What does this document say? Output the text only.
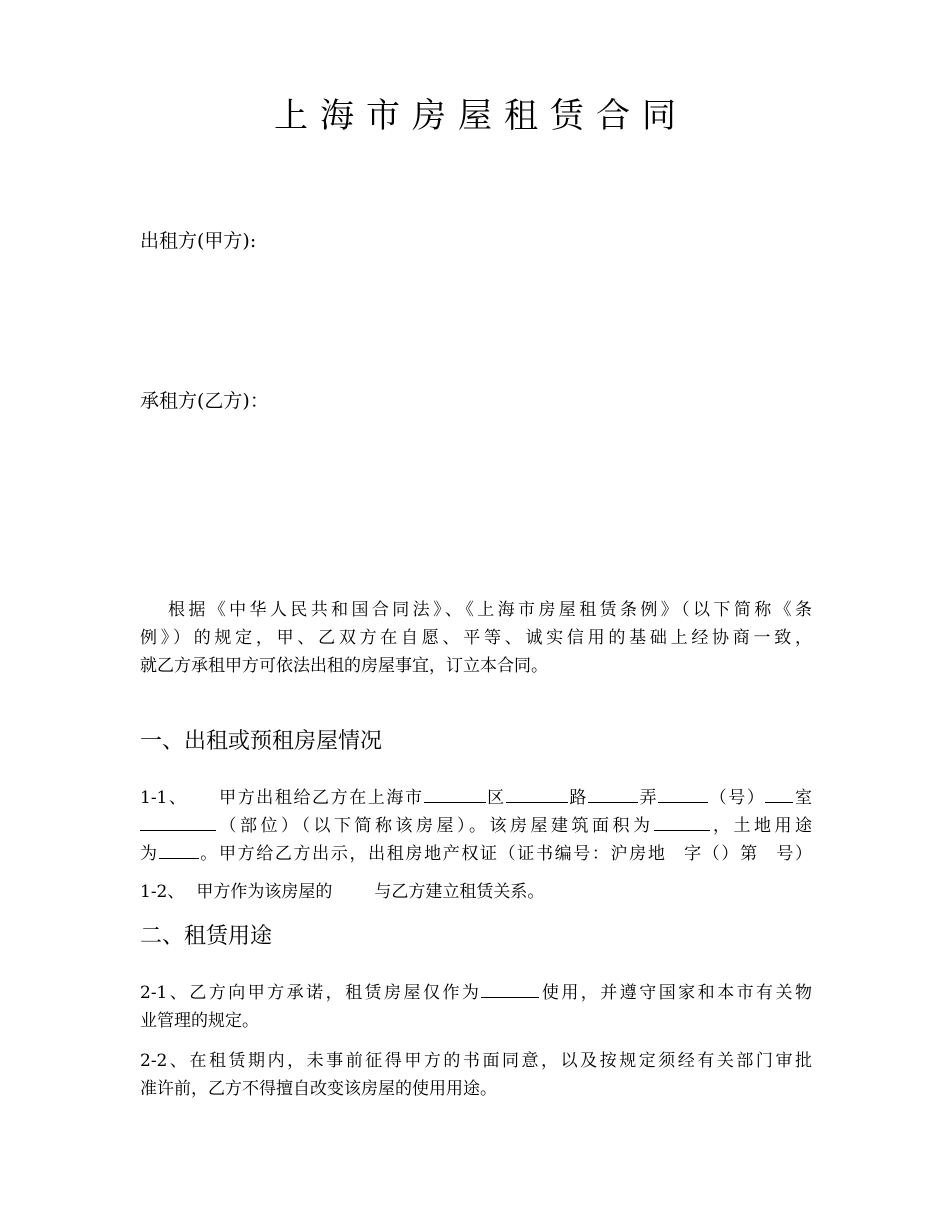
上海市房屋租赁合同
出租方(甲方):
承租方(乙方)：
根据《中华人民共和国合同法》、《上海市房屋租赁条例》（以下简称《条
例》）的规定，甲、乙双方在自愿、平等、诚实信用的基础上经协商一致，
就乙方承租甲方可依法出租的房屋事宜，订立本合同。
一、出租或预租房屋情况
1-1、 甲方出租给乙方在上海市	区	路	弄	（号） 室
（部位）（以下简称该房屋）。该房屋建筑面积为	，土地用途
为 。甲方给乙方出示，出租房地产权证（证书编号：沪房地 字（）第 号）
1-2、 甲方作为该房屋的 与乙方建立租赁关系。
二、租赁用途
2-1、乙方向甲方承诺，租赁房屋仅作为	使用，并遵守国家和本市有关物
业管理的规定。
2-2、在租赁期内，未事前征得甲方的书面同意，以及按规定须经有关部门审批
准许前，乙方不得擅自改变该房屋的使用用途。
